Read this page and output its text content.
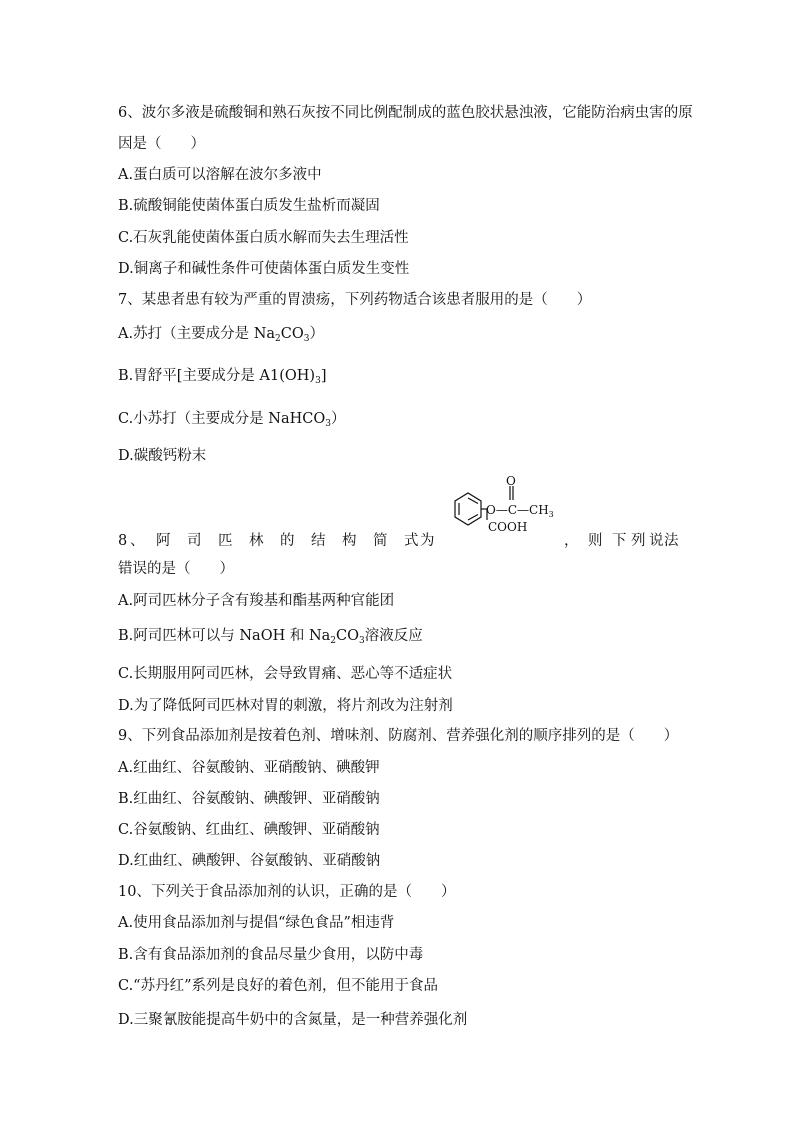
6、波尔多液是硫酸铜和熟石灰按不同比例配制成的蓝色胶状悬浊液，它能防治病虫害的原
因是（　　）
A.蛋白质可以溶解在波尔多液中
B.硫酸铜能使菌体蛋白质发生盐析而凝固
C.石灰乳能使菌体蛋白质水解而失去生理活性
D.铜离子和碱性条件可使菌体蛋白质发生变性
7、某患者患有较为严重的胃溃疡，下列药物适合该患者服用的是（　　）
A.苏打（主要成分是 $Na_2CO_3$）
B.胃舒平[主要成分是 $A1(OH)_3$]
C.小苏打（主要成分是 NaHCO$_3$）
D.碳酸钙粉末
O
$O—C—CH_3$
COOH
8 、 阿 司 匹 林 的 结 构 简 式 为	， 则 下 列 说 法
错误的是（　　）
A.阿司匹林分子含有羧基和酯基两种官能团
B.阿司匹林可以与 NaOH 和 $Na_2CO_3$溶液反应
C.长期服用阿司匹林，会导致胃痛、恶心等不适症状
D.为了降低阿司匹林对胃的刺激，将片剂改为注射剂
9、下列食品添加剂是按着色剂、增味剂、防腐剂、营养强化剂的顺序排列的是（　　）
A.红曲红、谷氨酸钠、亚硝酸钠、碘酸钾
B.红曲红、谷氨酸钠、碘酸钾、亚硝酸钠
C.谷氨酸钠、红曲红、碘酸钾、亚硝酸钠
D.红曲红、碘酸钾、谷氨酸钠、亚硝酸钠
10、下列关于食品添加剂的认识，正确的是（　　）
A.使用食品添加剂与提倡“绿色食品”相违背
B.含有食品添加剂的食品尽量少食用，以防中毒
C.“苏丹红”系列是良好的着色剂，但不能用于食品
D.三聚氰胺能提高牛奶中的含氮量，是一种营养强化剂
